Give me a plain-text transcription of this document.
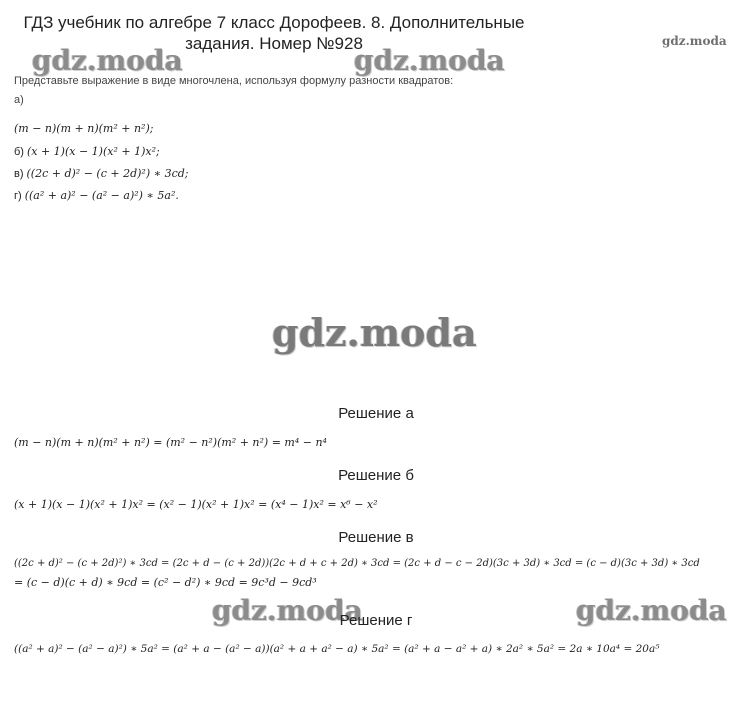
ГДЗ учебник по алгебре 7 класс Дорофеев. 8. Дополнительные задания. Номер №928	gdz.moda
gdz.moda	gdz.moda
gdz.moda
gdz.moda	gdz.moda
Представьте выражение в виде многочлена, используя формулу разности квадратов:
а)
(m − n)(m + n)(m² + n²);
б) (x + 1)(x − 1)(x² + 1)x²;
в) ((2c + d)² − (c + 2d)²) ∗ 3cd;
г) ((a² + a)² − (a² − a)²) ∗ 5a².
Решение а
(m − n)(m + n)(m² + n²) = (m² − n²)(m² + n²) = m⁴ − n⁴
Решение б
(x + 1)(x − 1)(x² + 1)x² = (x² − 1)(x² + 1)x² = (x⁴ − 1)x² = x⁶ − x²
Решение в
((2c + d)² − (c + 2d)²) ∗ 3cd = (2c + d − (c + 2d))(2c + d + c + 2d) ∗ 3cd = (2c + d − c − 2d)(3c + 3d) ∗ 3cd = (c − d)(3c + 3d) ∗ 3cd
= (c − d)(c + d) ∗ 9cd = (c² − d²) ∗ 9cd = 9c³d − 9cd³
Решение г
((a² + a)² − (a² − a)²) ∗ 5a² = (a² + a − (a² − a))(a² + a + a² − a) ∗ 5a² = (a² + a − a² + a) ∗ 2a² ∗ 5a² = 2a ∗ 10a⁴ = 20a⁵
